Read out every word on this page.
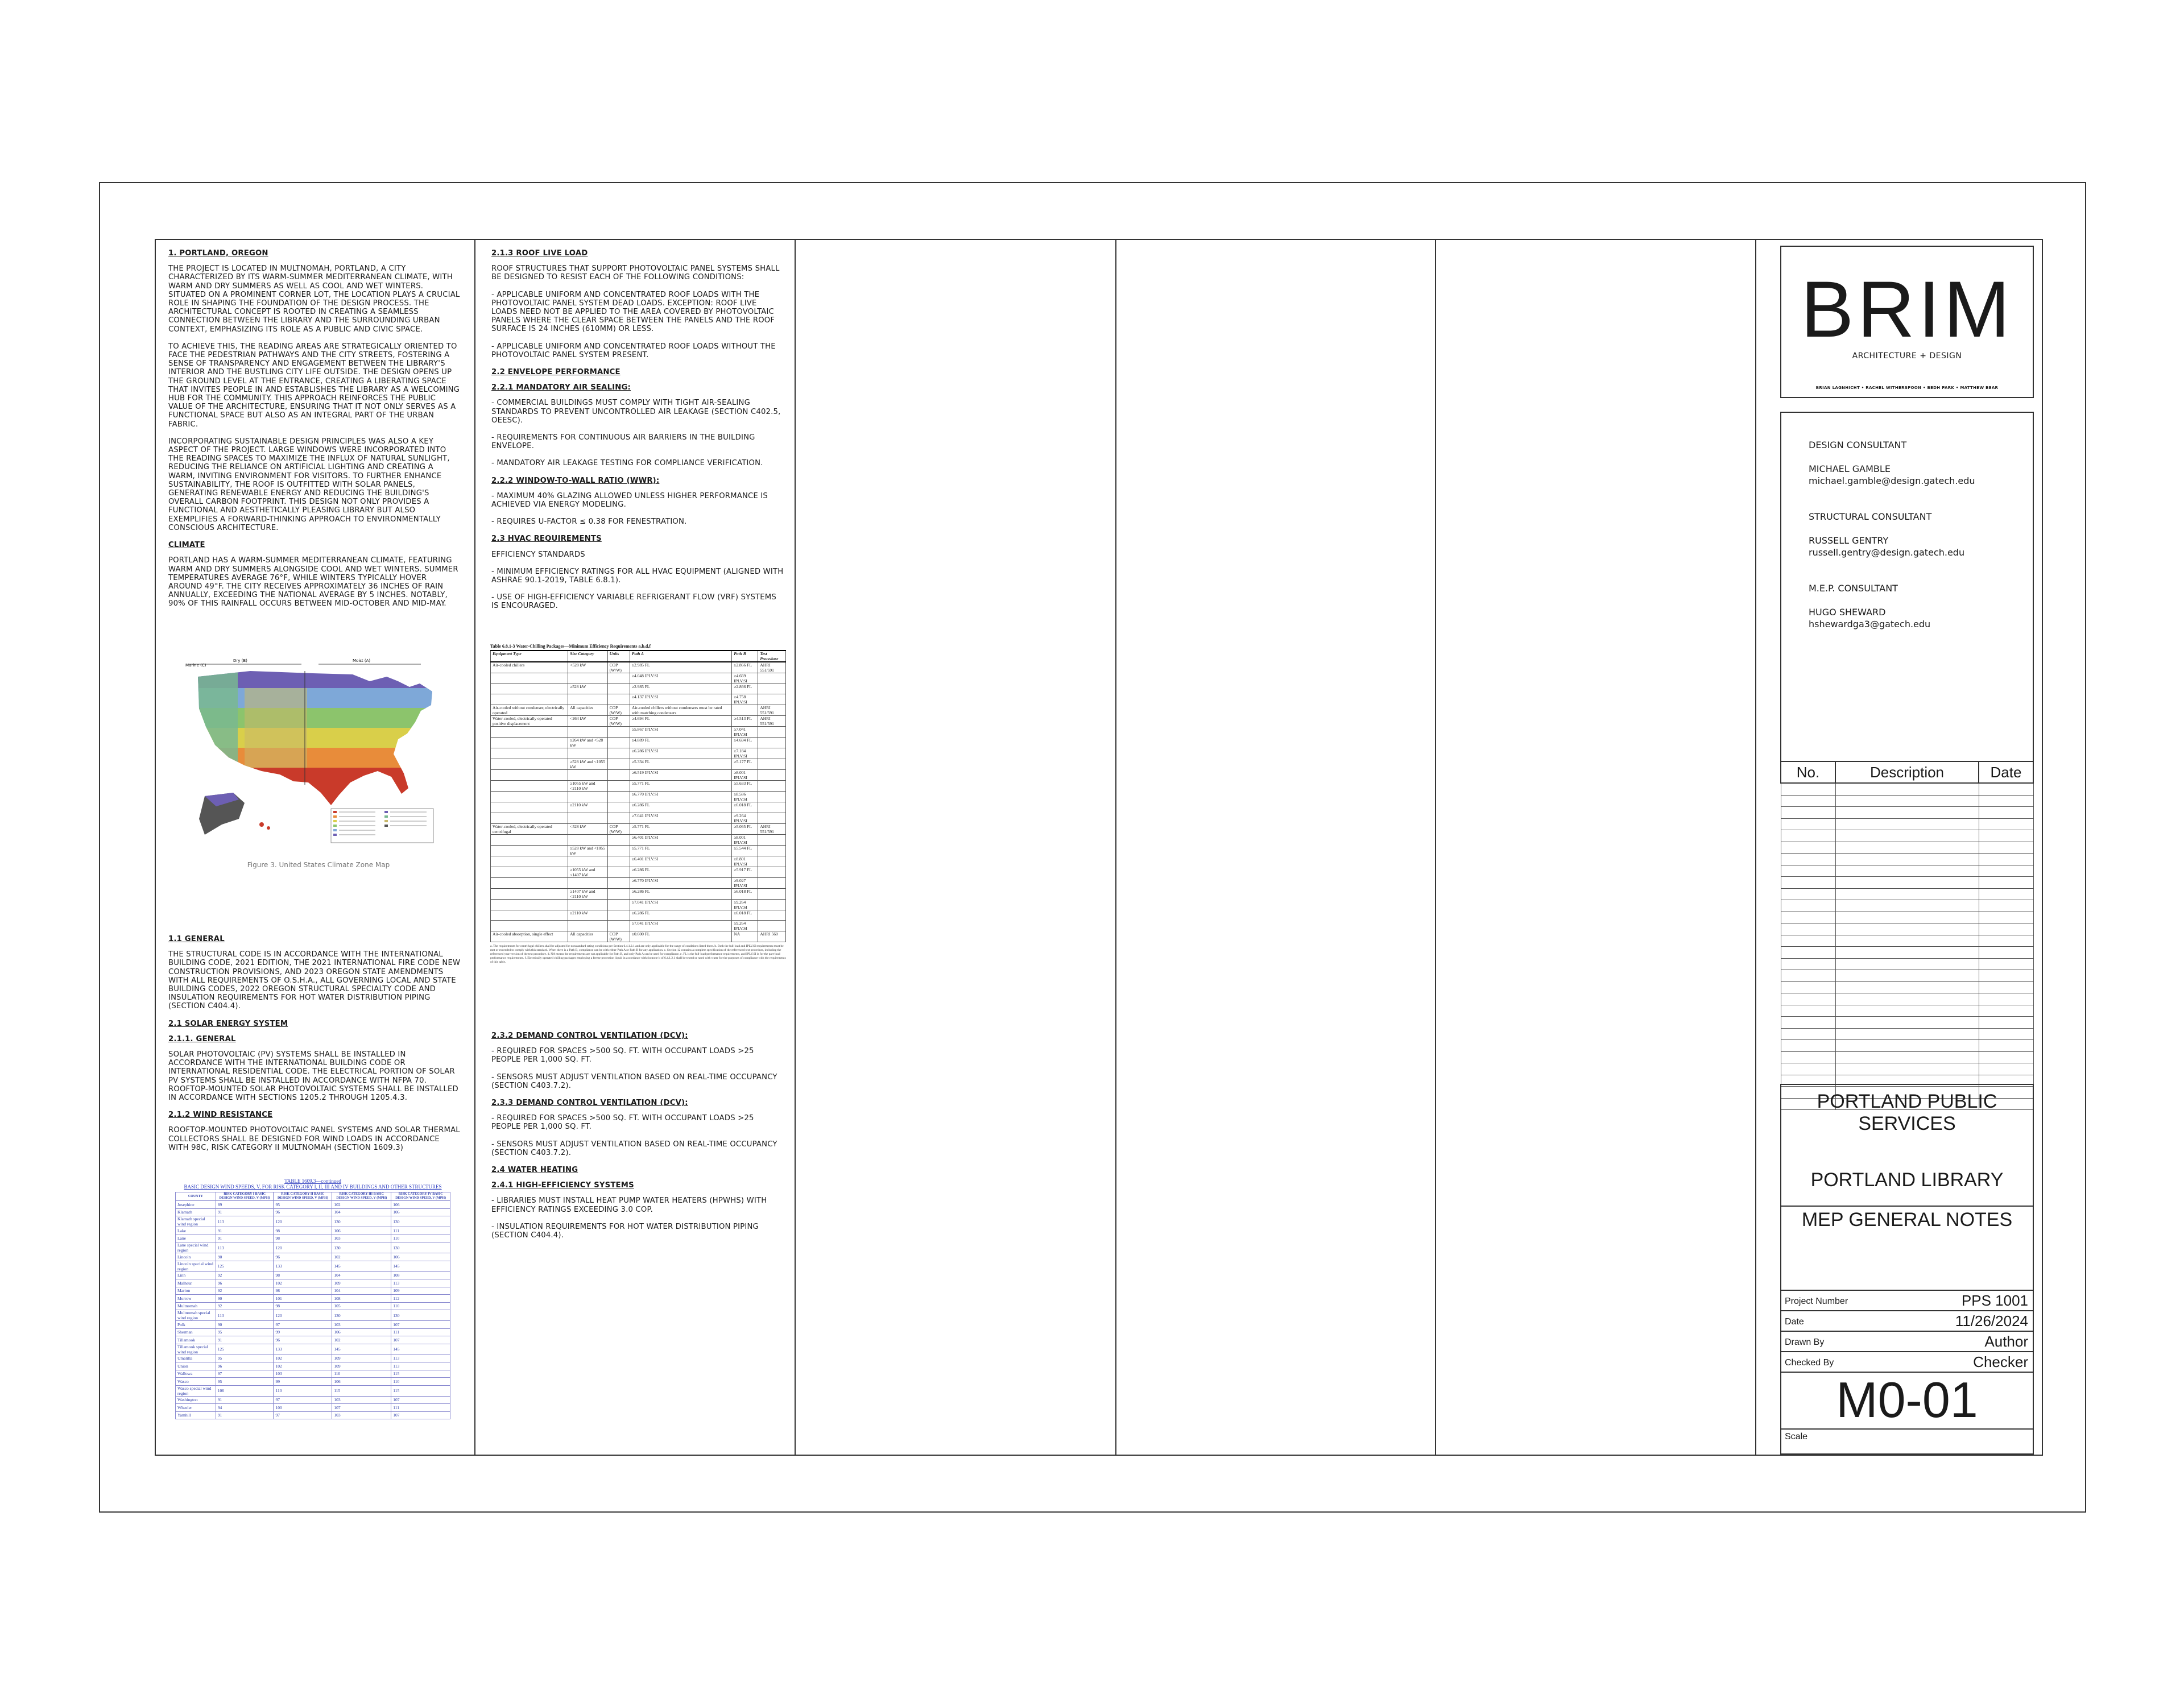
1. PORTLAND, OREGON

THE PROJECT IS LOCATED IN MULTNOMAH, PORTLAND, A CITY CHARACTERIZED BY ITS WARM-SUMMER MEDITERRANEAN CLIMATE, WITH WARM AND DRY SUMMERS AS WELL AS COOL AND WET WINTERS. SITUATED ON A PROMINENT CORNER LOT, THE LOCATION PLAYS A CRUCIAL ROLE IN SHAPING THE FOUNDATION OF THE DESIGN PROCESS. THE ARCHITECTURAL CONCEPT IS ROOTED IN CREATING A SEAMLESS CONNECTION BETWEEN THE LIBRARY AND THE SURROUNDING URBAN CONTEXT, EMPHASIZING ITS ROLE AS A PUBLIC AND CIVIC SPACE.

TO ACHIEVE THIS, THE READING AREAS ARE STRATEGICALLY ORIENTED TO FACE THE PEDESTRIAN PATHWAYS AND THE CITY STREETS, FOSTERING A SENSE OF TRANSPARENCY AND ENGAGEMENT BETWEEN THE LIBRARY'S INTERIOR AND THE BUSTLING CITY LIFE OUTSIDE. THE DESIGN OPENS UP THE GROUND LEVEL AT THE ENTRANCE, CREATING A LIBERATING SPACE THAT INVITES PEOPLE IN AND ESTABLISHES THE LIBRARY AS A WELCOMING HUB FOR THE COMMUNITY. THIS APPROACH REINFORCES THE PUBLIC VALUE OF THE ARCHITECTURE, ENSURING THAT IT NOT ONLY SERVES AS A FUNCTIONAL SPACE BUT ALSO AS AN INTEGRAL PART OF THE URBAN FABRIC.

INCORPORATING SUSTAINABLE DESIGN PRINCIPLES WAS ALSO A KEY ASPECT OF THE PROJECT. LARGE WINDOWS WERE INCORPORATED INTO THE READING SPACES TO MAXIMIZE THE INFLUX OF NATURAL SUNLIGHT, REDUCING THE RELIANCE ON ARTIFICIAL LIGHTING AND CREATING A WARM, INVITING ENVIRONMENT FOR VISITORS. TO FURTHER ENHANCE SUSTAINABILITY, THE ROOF IS OUTFITTED WITH SOLAR PANELS, GENERATING RENEWABLE ENERGY AND REDUCING THE BUILDING'S OVERALL CARBON FOOTPRINT. THIS DESIGN NOT ONLY PROVIDES A FUNCTIONAL AND AESTHETICALLY PLEASING LIBRARY BUT ALSO EXEMPLIFIES A FORWARD-THINKING APPROACH TO ENVIRONMENTALLY CONSCIOUS ARCHITECTURE.

CLIMATE

PORTLAND HAS A WARM-SUMMER MEDITERRANEAN CLIMATE, FEATURING WARM AND DRY SUMMERS ALONGSIDE COOL AND WET WINTERS. SUMMER TEMPERATURES AVERAGE 76°F, WHILE WINTERS TYPICALLY HOVER AROUND 49°F. THE CITY RECEIVES APPROXIMATELY 36 INCHES OF RAIN ANNUALLY, EXCEEDING THE NATIONAL AVERAGE BY 5 INCHES. NOTABLY, 90% OF THIS RAINFALL OCCURS BETWEEN MID-OCTOBER AND MID-MAY.

Marine (C)
Dry (B)	Moist (A)

Figure 3. United States Climate Zone Map

1.1 GENERAL

THE STRUCTURAL CODE IS IN ACCORDANCE WITH THE INTERNATIONAL BUILDING CODE, 2021 EDITION, THE 2021 INTERNATIONAL FIRE CODE NEW CONSTRUCTION PROVISIONS, AND 2023 OREGON STATE AMENDMENTS WITH ALL REQUIREMENTS OF O.S.H.A., ALL GOVERNING LOCAL AND STATE BUILDING CODES, 2022 OREGON STRUCTURAL SPECIALTY CODE AND INSULATION REQUIREMENTS FOR HOT WATER DISTRIBUTION PIPING (SECTION C404.4).

2.1 SOLAR ENERGY SYSTEM

2.1.1. GENERAL

SOLAR PHOTOVOLTAIC (PV) SYSTEMS SHALL BE INSTALLED IN ACCORDANCE WITH THE INTERNATIONAL BUILDING CODE OR INTERNATIONAL RESIDENTIAL CODE. THE ELECTRICAL PORTION OF SOLAR PV SYSTEMS SHALL BE INSTALLED IN ACCORDANCE WITH NFPA 70. ROOFTOP-MOUNTED SOLAR PHOTOVOLTAIC SYSTEMS SHALL BE INSTALLED IN ACCORDANCE WITH SECTIONS 1205.2 THROUGH 1205.4.3.

2.1.2 WIND RESISTANCE

ROOFTOP-MOUNTED PHOTOVOLTAIC PANEL SYSTEMS AND SOLAR THERMAL COLLECTORS SHALL BE DESIGNED FOR WIND LOADS IN ACCORDANCE WITH 98C, RISK CATEGORY II MULTNOMAH (SECTION 1609.3)

TABLE 1609.3—continued
BASIC DESIGN WIND SPEEDS, V, FOR RISK CATEGORY I, II, III AND IV BUILDINGS AND OTHER STRUCTURES
COUNTY	RISK CATEGORY I BASIC DESIGN WIND SPEED, V (MPH)	RISK CATEGORY II BASIC DESIGN WIND SPEED, V (MPH)	RISK CATEGORY III BASIC DESIGN WIND SPEED, V (MPH)	RISK CATEGORY IV BASIC DESIGN WIND SPEED, V (MPH)
Josephine	89	95	102	106
Klamath	91	96	104	106
Klamath special wind region	113	120	130	130
Lake	91	98	106	111
Lane	91	98	103	110
Lane special wind region	113	120	130	130
Lincoln	90	96	102	106
Lincoln special wind region	125	133	145	145
Linn	92	98	104	108
Malheur	96	102	109	113
Marion	92	98	104	109
Morrow	90	101	108	112
Multnomah	92	98	105	110
Multnomah special wind region	113	120	130	130
Polk	90	97	103	107
Sherman	95	99	106	111
Tillamook	91	96	102	107
Tillamook special wind region	125	133	145	145
Umatilla	95	102	109	113
Union	96	102	109	113
Wallowa	97	103	110	115
Wasco	95	99	106	110
Wasco special wind region	106	110	115	115
Washington	91	97	103	107
Wheeler	94	100	107	111
Yamhill	91	97	103	107

2.1.3 ROOF LIVE LOAD

ROOF STRUCTURES THAT SUPPORT PHOTOVOLTAIC PANEL SYSTEMS SHALL BE DESIGNED TO RESIST EACH OF THE FOLLOWING CONDITIONS:

- APPLICABLE UNIFORM AND CONCENTRATED ROOF LOADS WITH THE PHOTOVOLTAIC PANEL SYSTEM DEAD LOADS. EXCEPTION: ROOF LIVE LOADS NEED NOT BE APPLIED TO THE AREA COVERED BY PHOTOVOLTAIC PANELS WHERE THE CLEAR SPACE BETWEEN THE PANELS AND THE ROOF SURFACE IS 24 INCHES (610MM) OR LESS.

- APPLICABLE UNIFORM AND CONCENTRATED ROOF LOADS WITHOUT THE PHOTOVOLTAIC PANEL SYSTEM PRESENT.

2.2 ENVELOPE PERFORMANCE

2.2.1 MANDATORY AIR SEALING:

- COMMERCIAL BUILDINGS MUST COMPLY WITH TIGHT AIR-SEALING STANDARDS TO PREVENT UNCONTROLLED AIR LEAKAGE (SECTION C402.5, OEESC).

- REQUIREMENTS FOR CONTINUOUS AIR BARRIERS IN THE BUILDING ENVELOPE.

- MANDATORY AIR LEAKAGE TESTING FOR COMPLIANCE VERIFICATION.

2.2.2 WINDOW-TO-WALL RATIO (WWR):

- MAXIMUM 40% GLAZING ALLOWED UNLESS HIGHER PERFORMANCE IS ACHIEVED VIA ENERGY MODELING.

- REQUIRES U-FACTOR ≤ 0.38 FOR FENESTRATION.

2.3 HVAC REQUIREMENTS

EFFICIENCY STANDARDS

- MINIMUM EFFICIENCY RATINGS FOR ALL HVAC EQUIPMENT (ALIGNED WITH ASHRAE 90.1-2019, TABLE 6.8.1).

- USE OF HIGH-EFFICIENCY VARIABLE REFRIGERANT FLOW (VRF) SYSTEMS IS ENCOURAGED.

Table 6.8.1-3 Water-Chilling Packages—Minimum Efficiency Requirements a,b,d,f
Equipment Type	Size Category	Units	Path A	Path B	Test Procedure
Air-cooled chillers	<528 kW	COP (W/W)	≥2.985 FL	≥2.866 FL	AHRI 551/591
			≥4.048 IPLV.SI	≥4.669 IPLV.SI	
	≥528 kW		≥2.985 FL	≥2.866 FL	
			≥4.137 IPLV.SI	≥4.758 IPLV.SI	
Air-cooled without condenser, electrically operated	All capacities	COP (W/W)	Air-cooled chillers without condensers must be rated with matching condensers		AHRI 551/591
Water-cooled, electrically operated positive displacement	<264 kW	COP (W/W)	≥4.694 FL	≥4.513 FL	AHRI 551/591
			≥5.867 IPLV.SI	≥7.041 IPLV.SI	
	≥264 kW and <528 kW		≥4.889 FL	≥4.694 FL	
			≥6.286 IPLV.SI	≥7.184 IPLV.SI	
	≥528 kW and <1055 kW		≥5.334 FL	≥5.177 FL	
			≥6.519 IPLV.SI	≥8.001 IPLV.SI	
	≥1055 kW and <2110 kW		≥5.771 FL	≥5.633 FL	
			≥6.770 IPLV.SI	≥8.586 IPLV.SI	
	≥2110 kW		≥6.286 FL	≥6.018 FL	
			≥7.041 IPLV.SI	≥9.264 IPLV.SI	
Water-cooled, electrically operated centrifugal	<528 kW	COP (W/W)	≥5.771 FL	≥5.065 FL	AHRI 551/591
			≥6.401 IPLV.SI	≥8.001 IPLV.SI	
	≥528 kW and <1055 kW		≥5.771 FL	≥5.544 FL	
			≥6.401 IPLV.SI	≥8.801 IPLV.SI	
	≥1055 kW and <1407 kW		≥6.286 FL	≥5.917 FL	
			≥6.770 IPLV.SI	≥9.027 IPLV.SI	
	≥1407 kW and <2110 kW		≥6.286 FL	≥6.018 FL	
			≥7.041 IPLV.SI	≥9.264 IPLV.SI	
	≥2110 kW		≥6.286 FL	≥6.018 FL	
			≥7.041 IPLV.SI	≥9.264 IPLV.SI	
Air-cooled absorption, single effect	All capacities	COP (W/W)	≥0.600 FL	NA	AHRI 560
a. The requirements for centrifugal chillers shall be adjusted for nonstandard rating conditions per Section 6.4.1.2.1 and are only applicable for the range of conditions listed there. b. Both the full-load and IPLV.SI requirements must be met or exceeded to comply with this standard. When there is a Path B, compliance can be with either Path A or Path B for any application. c. Section 12 contains a complete specification of the referenced test procedure, including the referenced year version of the test procedure. d. NA means the requirements are not applicable for Path B, and only Path A can be used for compliance. e. FL is the full-load performance requirements, and IPLV.SI is for the part-load performance requirements. f. Electrically operated chilling packages employing a freeze protection liquid in accordance with footnote b of 6.4.1.2.1 shall be tested or rated with water for the purposes of compliance with the requirements of this table.

2.3.2 DEMAND CONTROL VENTILATION (DCV):

- REQUIRED FOR SPACES >500 SQ. FT. WITH OCCUPANT LOADS >25 PEOPLE PER 1,000 SQ. FT.

- SENSORS MUST ADJUST VENTILATION BASED ON REAL-TIME OCCUPANCY (SECTION C403.7.2).

2.3.3 DEMAND CONTROL VENTILATION (DCV):

- REQUIRED FOR SPACES >500 SQ. FT. WITH OCCUPANT LOADS >25 PEOPLE PER 1,000 SQ. FT.

- SENSORS MUST ADJUST VENTILATION BASED ON REAL-TIME OCCUPANCY (SECTION C403.7.2).

2.4 WATER HEATING

2.4.1 HIGH-EFFICIENCY SYSTEMS

- LIBRARIES MUST INSTALL HEAT PUMP WATER HEATERS (HPWHS) WITH EFFICIENCY RATINGS EXCEEDING 3.0 COP.

- INSULATION REQUIREMENTS FOR HOT WATER DISTRIBUTION PIPING (SECTION C404.4).

BRIM
ARCHITECTURE + DESIGN
BRIAN LAGNHICHT • RACHEL WITHERSPOON • BEDH PARK • MATTHEW BEAR
DESIGN CONSULTANT
MICHAEL GAMBLE
michael.gamble@design.gatech.edu
STRUCTURAL CONSULTANT
RUSSELL GENTRY
russell.gentry@design.gatech.edu
M.E.P. CONSULTANT
HUGO SHEWARD
hshewardga3@gatech.edu
No.	Description	Date

PORTLAND PUBLIC SERVICES
PORTLAND LIBRARY
MEP GENERAL NOTES
Project Number	PPS 1001
Date	11/26/2024
Drawn By	Author
Checked By	Checker
M0-01
Scale
